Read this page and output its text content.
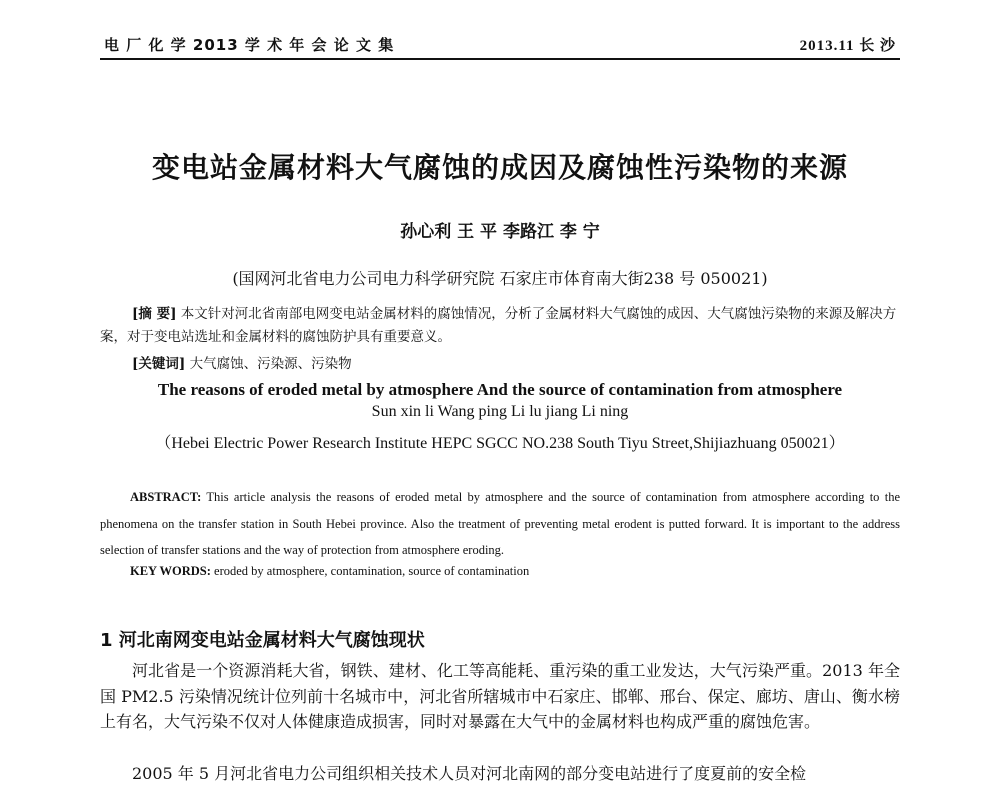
电 厂 化 学 2013 学 术 年 会 论 文 集	2013.11 长 沙
变电站金属材料大气腐蚀的成因及腐蚀性污染物的来源
孙心利 王 平 李路江 李 宁
(国网河北省电力公司电力科学研究院 石家庄市体育南大街238 号 050021)
[摘 要] 本文针对河北省南部电网变电站金属材料的腐蚀情况，分析了金属材料大气腐蚀的成因、大气腐蚀污染物的来源及解决方案，对于变电站选址和金属材料的腐蚀防护具有重要意义。
[关键词] 大气腐蚀、污染源、污染物
The reasons of eroded metal by atmosphere And the source of contamination from atmosphere
Sun xin li Wang ping Li lu jiang Li ning
（Hebei Electric Power Research Institute HEPC SGCC NO.238 South Tiyu Street,Shijiazhuang 050021）
ABSTRACT: This article analysis the reasons of eroded metal by atmosphere and the source of contamination from atmosphere according to the phenomena on the transfer station in South Hebei province. Also the treatment of preventing metal erodent is putted forward. It is important to the address selection of transfer stations and the way of protection from atmosphere eroding.
KEY WORDS: eroded by atmosphere, contamination, source of contamination
1 河北南网变电站金属材料大气腐蚀现状
河北省是一个资源消耗大省，钢铁、建材、化工等高能耗、重污染的重工业发达，大气污染严重。2013 年全国 PM2.5 污染情况统计位列前十名城市中，河北省所辖城市中石家庄、邯郸、邢台、保定、廊坊、唐山、衡水榜上有名，大气污染不仅对人体健康造成损害，同时对暴露在大气中的金属材料也构成严重的腐蚀危害。
2005 年 5 月河北省电力公司组织相关技术人员对河北南网的部分变电站进行了度夏前的安全检
